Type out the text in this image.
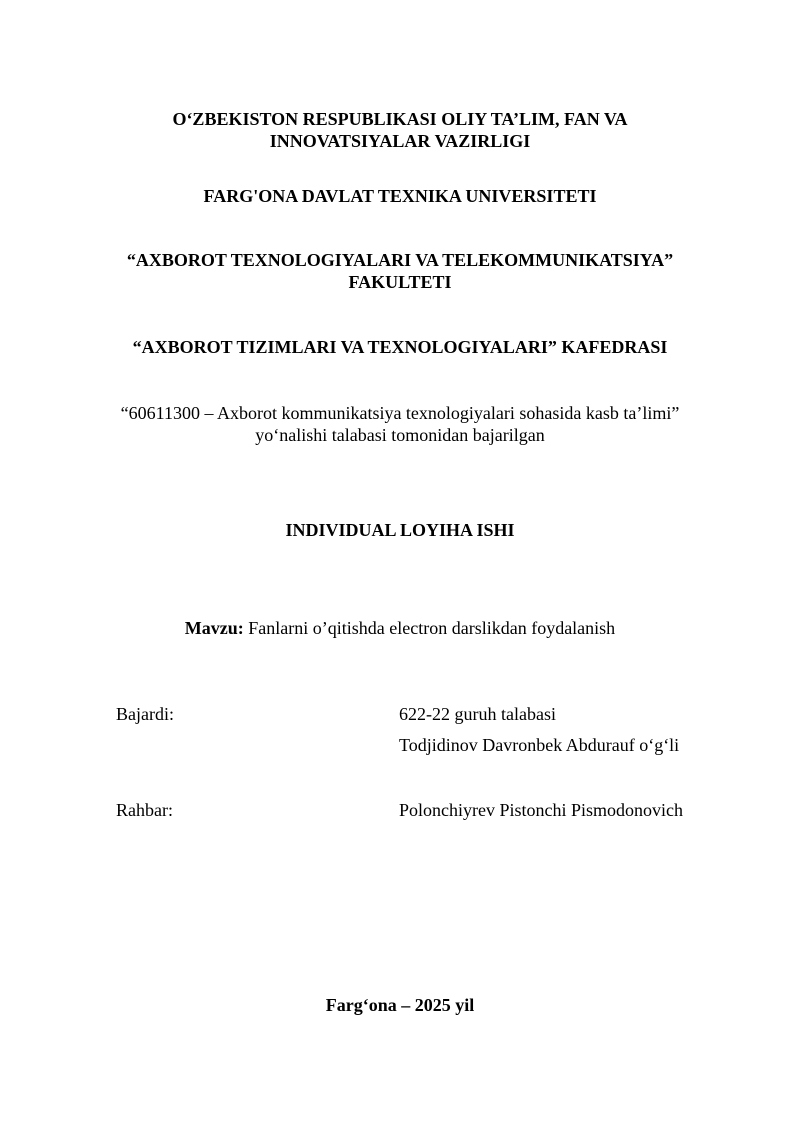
O‘ZBEKISTON RESPUBLIKASI OLIY TA’LIM, FAN VA
INNOVATSIYALAR VAZIRLIGI
FARG'ONA DAVLAT TEXNIKA UNIVERSITETI
“AXBOROT TEXNOLOGIYALARI VA TELEKOMMUNIKATSIYA”
FAKULTETI
“AXBOROT TIZIMLARI VA TEXNOLOGIYALARI” KAFEDRASI
“60611300 – Axborot kommunikatsiya texnologiyalari sohasida kasb ta’limi”
yo‘nalishi talabasi tomonidan bajarilgan
INDIVIDUAL LOYIHA ISHI
Mavzu: Fanlarni o’qitishda electron darslikdan foydalanish
Bajardi:	622-22 guruh talabasi
Todjidinov Davronbek Abdurauf o‘g‘li
Rahbar:	Polonchiyrev Pistonchi Pismodonovich
Farg‘ona – 2025 yil
